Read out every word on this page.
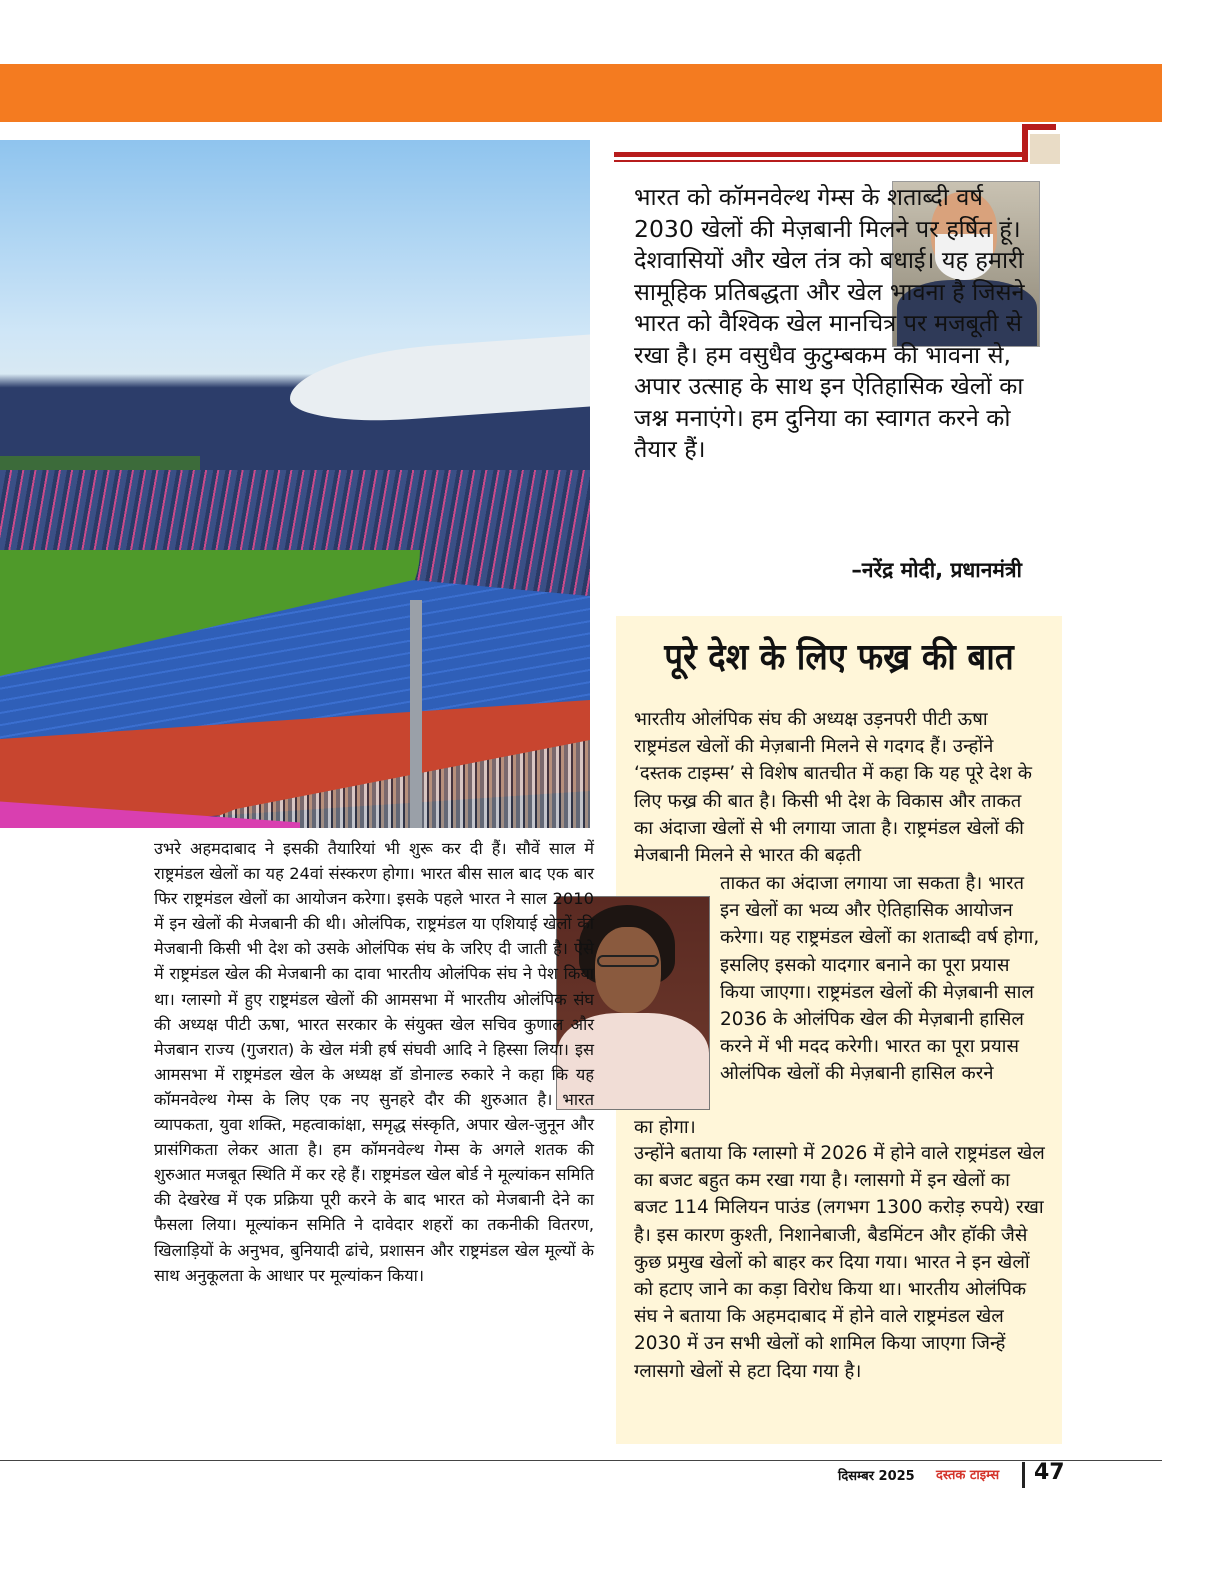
भारत को कॉमनवेल्थ गेम्स के शताब्दी वर्ष 2030 खेलों की मेज़बानी मिलने पर हर्षित हूं। देशवासियों और खेल तंत्र को बधाई। यह हमारी सामूहिक प्रतिबद्धता और खेल भावना है जिसने भारत को वैश्विक खेल मानचित्र पर मजबूती से रखा है। हम वसुधैव कुटुम्बकम की भावना से, अपार उत्साह के साथ इन ऐतिहासिक खेलों का जश्न मनाएंगे। हम दुनिया का स्वागत करने को तैयार हैं।

–नरेंद्र मोदी, प्रधानमंत्री
पूरे देश के लिए फख्र की बात

भारतीय ओलंपिक संघ की अध्यक्ष उड़नपरी पीटी ऊषा राष्ट्रमंडल खेलों की मेज़बानी मिलने से गदगद हैं। उन्होंने ‘दस्तक टाइम्स’ से विशेष बातचीत में कहा कि यह पूरे देश के लिए फख्र की बात है। किसी भी देश के विकास और ताकत का अंदाजा खेलों से भी लगाया जाता है। राष्ट्रमंडल खेलों की मेजबानी मिलने से भारत की बढ़ती

ताकत का अंदाजा लगाया जा सकता है। भारत इन खेलों का भव्य और ऐतिहासिक आयोजन करेगा। यह राष्ट्रमंडल खेलों का शताब्दी वर्ष होगा, इसलिए इसको यादगार बनाने का पूरा प्रयास किया जाएगा। राष्ट्रमंडल खेलों की मेज़बानी साल 2036 के ओलंपिक खेल की मेज़बानी हासिल करने में भी मदद करेगी। भारत का पूरा प्रयास ओलंपिक खेलों की मेज़बानी हासिल करने

का होगा।

उन्होंने बताया कि ग्लास्गो में 2026 में होने वाले राष्ट्रमंडल खेल का बजट बहुत कम रखा गया है। ग्लासगो में इन खेलों का बजट 114 मिलियन पाउंड (लगभग 1300 करोड़ रुपये) रखा है। इस कारण कुश्ती, निशानेबाजी, बैडमिंटन और हॉकी जैसे कुछ प्रमुख खेलों को बाहर कर दिया गया। भारत ने इन खेलों को हटाए जाने का कड़ा विरोध किया था। भारतीय ओलंपिक संघ ने बताया कि अहमदाबाद में होने वाले राष्ट्रमंडल खेल 2030 में उन सभी खेलों को शामिल किया जाएगा जिन्हें ग्लासगो खेलों से हटा दिया गया है।

उभरे अहमदाबाद ने इसकी तैयारियां भी शुरू कर दी हैं। सौवें साल में राष्ट्रमंडल खेलों का यह 24वां संस्करण होगा। भारत बीस साल बाद एक बार फिर राष्ट्रमंडल खेलों का आयोजन करेगा। इसके पहले भारत ने साल 2010 में इन खेलों की मेजबानी की थी। ओलंपिक, राष्ट्रमंडल या एशियाई खेलों की मेजबानी किसी भी देश को उसके ओलंपिक संघ के जरिए दी जाती है। ऐसे में राष्ट्रमंडल खेल की मेजबानी का दावा भारतीय ओलंपिक संघ ने पेश किया था। ग्लास्गो में हुए राष्ट्रमंडल खेलों की आमसभा में भारतीय ओलंपिक संघ की अध्यक्ष पीटी ऊषा, भारत सरकार के संयुक्त खेल सचिव कुणाल और मेजबान राज्य (गुजरात) के खेल मंत्री हर्ष संघवी आदि ने हिस्सा लिया। इस आमसभा में राष्ट्रमंडल खेल के अध्यक्ष डॉ डोनाल्ड रुकारे ने कहा कि यह कॉमनवेल्थ गेम्स के लिए एक नए सुनहरे दौर की शुरुआत है। भारत व्यापकता, युवा शक्ति, महत्वाकांक्षा, समृद्ध संस्कृति, अपार खेल-जुनून और प्रासंगिकता लेकर आता है। हम कॉमनवेल्थ गेम्स के अगले शतक की शुरुआत मजबूत स्थिति में कर रहे हैं। राष्ट्रमंडल खेल बोर्ड ने मूल्यांकन समिति की देखरेख में एक प्रक्रिया पूरी करने के बाद भारत को मेजबानी देने का फैसला लिया। मूल्यांकन समिति ने दावेदार शहरों का तकनीकी वितरण, खिलाड़ियों के अनुभव, बुनियादी ढांचे, प्रशासन और राष्ट्रमंडल खेल मूल्यों के साथ अनुकूलता के आधार पर मूल्यांकन किया।

दिसम्बर 2025 दस्तक टाइम्स 47
